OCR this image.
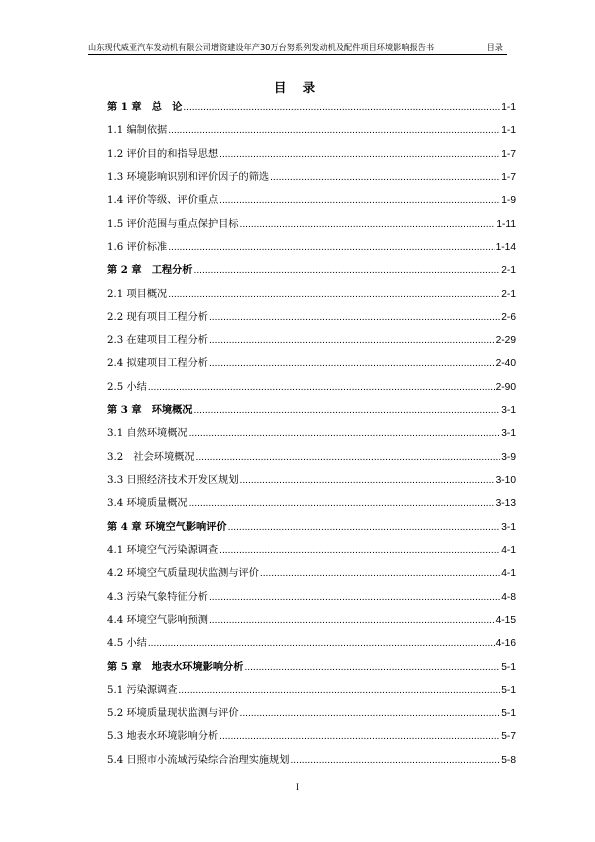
山东现代威亚汽车发动机有限公司增资建设年产30万台努系列发动机及配件项目环境影响报告书	目录
目 录
第 1 章　总　论 .....	1-1
1.1 编制依据 .....	1-1
1.2 评价目的和指导思想 .....	1-7
1.3 环境影响识别和评价因子的筛选 .....	1-7
1.4 评价等级、评价重点 .....	1-9
1.5 评价范围与重点保护目标 .....	1-11
1.6 评价标准 .....	1-14
第 2 章　工程分析 .....	2-1
2.1 项目概况 .....	2-1
2.2 现有项目工程分析 .....	2-6
2.3 在建项目工程分析 .....	2-29
2.4 拟建项目工程分析 .....	2-40
2.5 小结 .....	2-90
第 3 章　环境概况 .....	3-1
3.1 自然环境概况 .....	3-1
3.2　社会环境概况 .....	3-9
3.3 日照经济技术开发区规划 .....	3-10
3.4 环境质量概况 .....	3-13
第 4 章 环境空气影响评价 .....	3-1
4.1 环境空气污染源调查 .....	4-1
4.2 环境空气质量现状监测与评价 .....	4-1
4.3 污染气象特征分析 .....	4-8
4.4 环境空气影响预测 .....	4-15
4.5 小结 .....	4-16
第 5 章　地表水环境影响分析 .....	5-1
5.1 污染源调查 .....	5-1
5.2 环境质量现状监测与评价 .....	5-1
5.3 地表水环境影响分析 .....	5-7
5.4 日照市小流域污染综合治理实施规划 .....	5-8
I
